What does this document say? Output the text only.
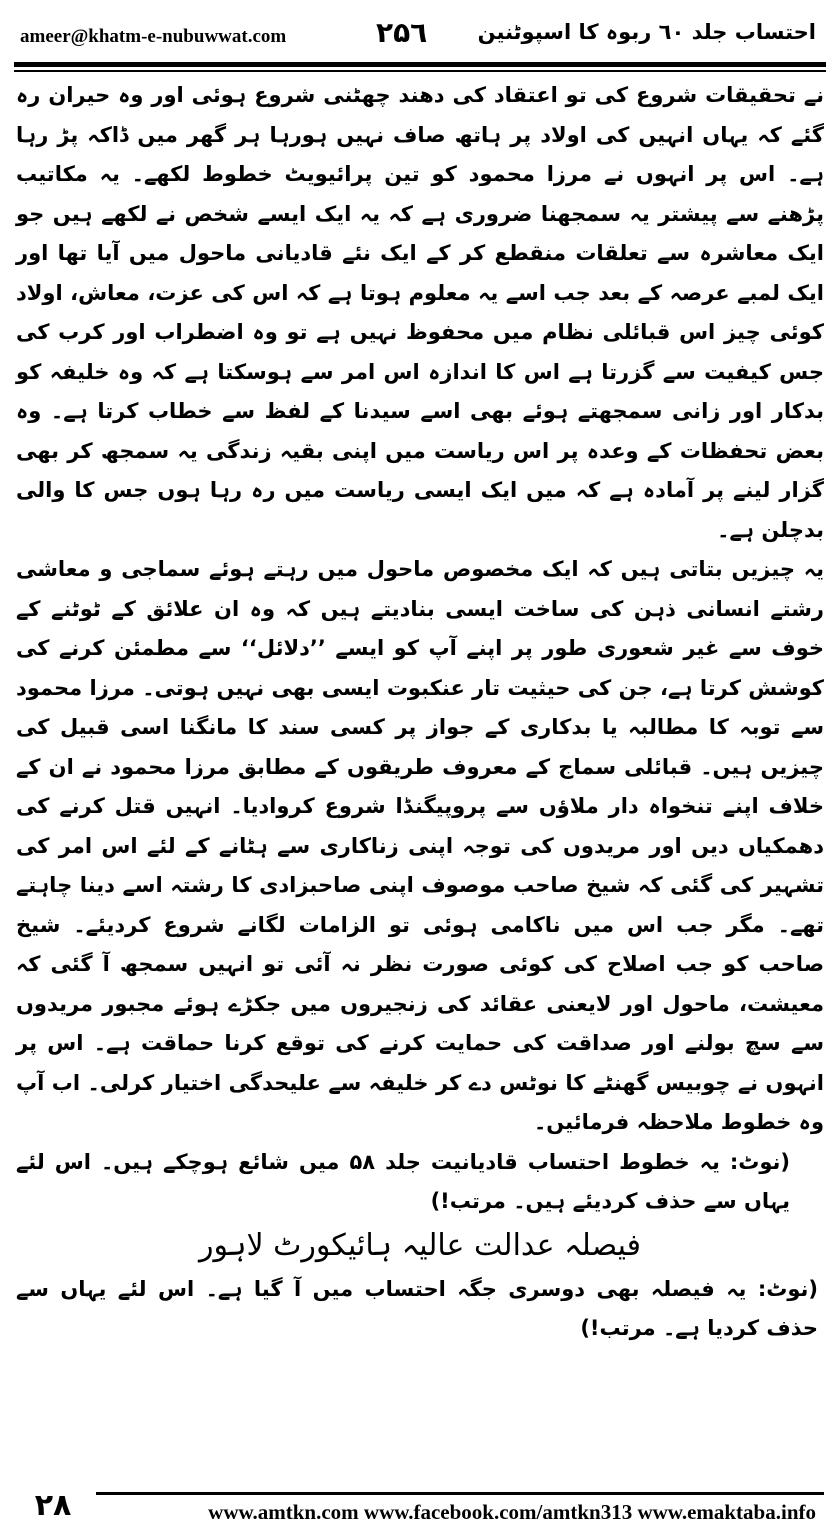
ameer@khatm-e-nubuwwat.com	۲۵٦ احتساب جلد ٦٠ ربوہ کا اسپوٹنین

نے تحقیقات شروع کی تو اعتقاد کی دھند چھٹنی شروع ہوئی اور وہ حیران رہ گئے کہ یہاں انہیں کی اولاد پر ہاتھ صاف نہیں ہورہا ہر گھر میں ڈاکہ پڑ رہا ہے۔ اس پر انہوں نے مرزا محمود کو تین پرائیویٹ خطوط لکھے۔ یہ مکاتیب پڑھنے سے پیشتر یہ سمجھنا ضروری ہے کہ یہ ایک ایسے شخص نے لکھے ہیں جو ایک معاشرہ سے تعلقات منقطع کر کے ایک نئے قادیانی ماحول میں آیا تھا اور ایک لمبے عرصہ کے بعد جب اسے یہ معلوم ہوتا ہے کہ اس کی عزت، معاش، اولاد کوئی چیز اس قبائلی نظام میں محفوظ نہیں ہے تو وہ اضطراب اور کرب کی جس کیفیت سے گزرتا ہے اس کا اندازہ اس امر سے ہوسکتا ہے کہ وہ خلیفہ کو بدکار اور زانی سمجھتے ہوئے بھی اسے سیدنا کے لفظ سے خطاب کرتا ہے۔ وہ بعض تحفظات کے وعدہ پر اس ریاست میں اپنی بقیہ زندگی یہ سمجھ کر بھی گزار لینے پر آمادہ ہے کہ میں ایک ایسی ریاست میں رہ رہا ہوں جس کا والی بدچلن ہے۔

یہ چیزیں بتاتی ہیں کہ ایک مخصوص ماحول میں رہتے ہوئے سماجی و معاشی رشتے انسانی ذہن کی ساخت ایسی بنادیتے ہیں کہ وہ ان علائق کے ٹوٹنے کے خوف سے غیر شعوری طور پر اپنے آپ کو ایسے ’’دلائل‘‘ سے مطمئن کرنے کی کوشش کرتا ہے، جن کی حیثیت تار عنکبوت ایسی بھی نہیں ہوتی۔ مرزا محمود سے توبہ کا مطالبہ یا بدکاری کے جواز پر کسی سند کا مانگنا اسی قبیل کی چیزیں ہیں۔ قبائلی سماج کے معروف طریقوں کے مطابق مرزا محمود نے ان کے خلاف اپنے تنخواہ دار ملاؤں سے پروپیگنڈا شروع کروادیا۔ انہیں قتل کرنے کی دھمکیاں دیں اور مریدوں کی توجہ اپنی زناکاری سے ہٹانے کے لئے اس امر کی تشہیر کی گئی کہ شیخ صاحب موصوف اپنی صاحبزادی کا رشتہ اسے دینا چاہتے تھے۔ مگر جب اس میں ناکامی ہوئی تو الزامات لگانے شروع کردیئے۔ شیخ صاحب کو جب اصلاح کی کوئی صورت نظر نہ آئی تو انہیں سمجھ آ گئی کہ معیشت، ماحول اور لایعنی عقائد کی زنجیروں میں جکڑے ہوئے مجبور مریدوں سے سچ بولنے اور صداقت کی حمایت کرنے کی توقع کرنا حماقت ہے۔ اس پر انہوں نے چوبیس گھنٹے کا نوٹس دے کر خلیفہ سے علیحدگی اختیار کرلی۔ اب آپ وہ خطوط ملاحظہ فرمائیں۔

(نوٹ: یہ خطوط احتساب قادیانیت جلد ۵۸ میں شائع ہوچکے ہیں۔ اس لئے یہاں سے حذف کردیئے ہیں۔ مرتب!)

فیصلہ عدالت عالیہ ہائیکورٹ لاہور

(نوٹ: یہ فیصلہ بھی دوسری جگہ احتساب میں آ گیا ہے۔ اس لئے یہاں سے حذف کردیا ہے۔ مرتب!)

۲۸	www.amtkn.com www.facebook.com/amtkn313 www.emaktaba.info
